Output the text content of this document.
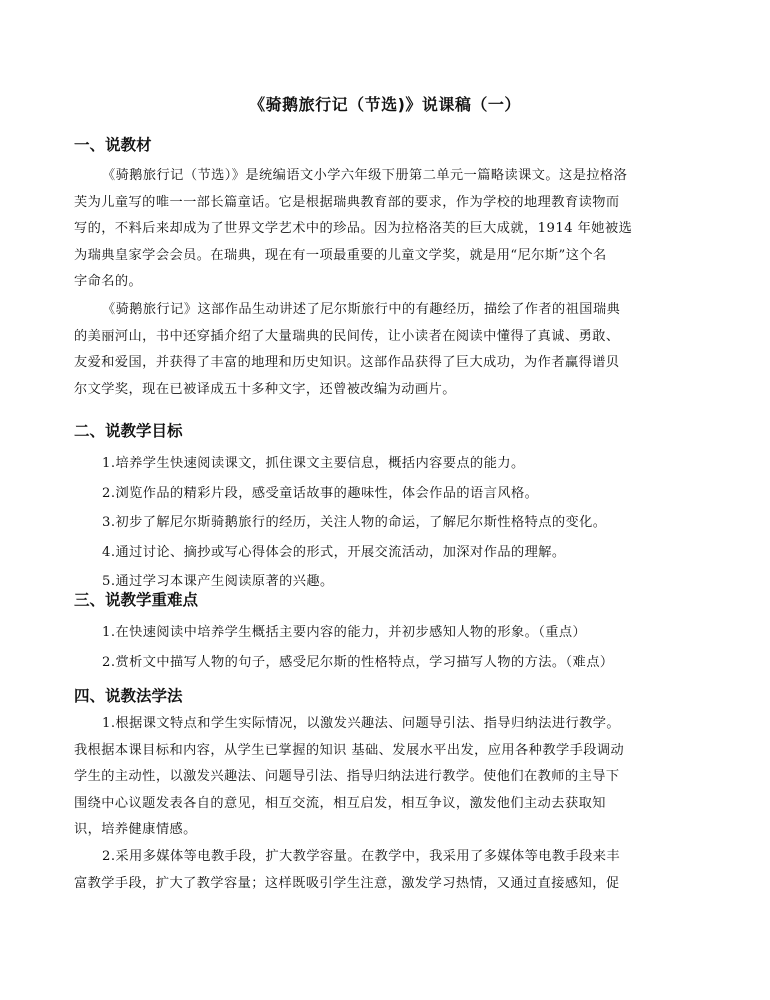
《骑鹅旅行记（节选)》说课稿（一）
一、说教材
《骑鹅旅行记（节选）》是统编语文小学六年级下册第二单元一篇略读课文。这是拉格洛
芙为儿童写的唯一一部长篇童话。它是根据瑞典教育部的要求，作为学校的地理教育读物而
写的，不料后来却成为了世界文学艺术中的珍品。因为拉格洛芙的巨大成就，1914 年她被选
为瑞典皇家学会会员。在瑞典，现在有一项最重要的儿童文学奖，就是用“尼尔斯”这个名
字命名的。
《骑鹅旅行记》这部作品生动讲述了尼尔斯旅行中的有趣经历，描绘了作者的祖国瑞典
的美丽河山，书中还穿插介绍了大量瑞典的民间传，让小读者在阅读中懂得了真诚、勇敢、
友爱和爱国，并获得了丰富的地理和历史知识。这部作品获得了巨大成功，为作者赢得谱贝
尔文学奖，现在已被译成五十多种文字，还曾被改编为动画片。
二、说教学目标
1.培养学生快速阅读课文，抓住课文主要信息，概括内容要点的能力。
2.浏览作品的精彩片段，感受童话故事的趣味性，体会作品的语言风格。
3.初步了解尼尔斯骑鹅旅行的经历，关注人物的命运，了解尼尔斯性格特点的变化。
4.通过讨论、摘抄或写心得体会的形式，开展交流活动，加深对作品的理解。
5.通过学习本课产生阅读原著的兴趣。
三、说教学重难点
1.在快速阅读中培养学生概括主要内容的能力，并初步感知人物的形象。（重点）
2.赏析文中描写人物的句子，感受尼尔斯的性格特点，学习描写人物的方法。（难点）
四、说教法学法
1.根据课文特点和学生实际情况，以激发兴趣法、问题导引法、指导归纳法进行教学。
我根据本课目标和内容，从学生已掌握的知识 基础、发展水平出发，应用各种教学手段调动
学生的主动性，以激发兴趣法、问题导引法、指导归纳法进行教学。使他们在教师的主导下
围绕中心议题发表各自的意见，相互交流，相互启发，相互争议，激发他们主动去获取知
识，培养健康情感。
2.采用多媒体等电教手段，扩大教学容量。在教学中，我采用了多媒体等电教手段来丰
富教学手段，扩大了教学容量；这样既吸引学生注意，激发学习热情，又通过直接感知，促
